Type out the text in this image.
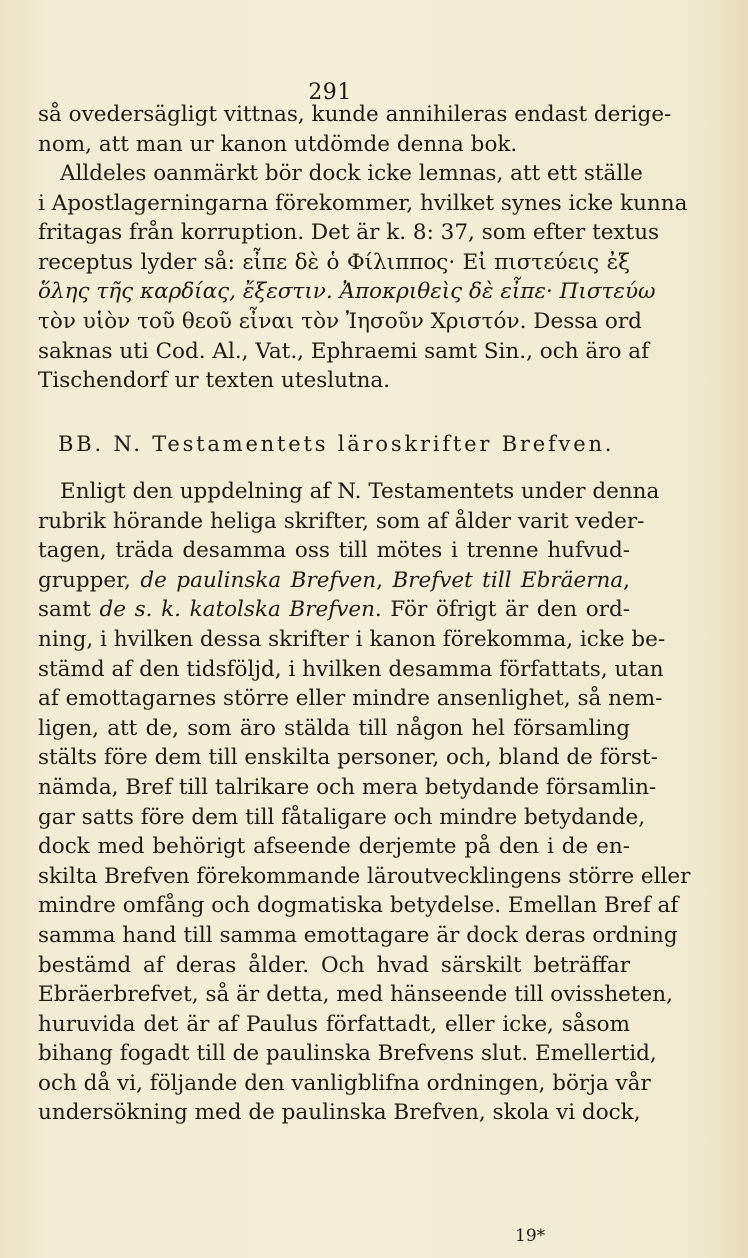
291
så ovedersägligt vittnas, kunde annihileras endast derige-
nom, att man ur kanon utdömde denna bok.
Alldeles oanmärkt bör dock icke lemnas, att ett ställe
i Apostlagerningarna förekommer, hvilket synes icke kunna
fritagas från korruption. Det är k. 8: 37, som efter textus
receptus lyder så: εἶπε δὲ ὁ Φίλιππος· Εἰ πιστεύεις ἐξ
ὅλης τῆς καρδίας, ἔξεστιν. Ἀποκριθεὶς δὲ εἶπε· Πιστεύω
τὸν υἱὸν τοῦ θεοῦ εἶναι τὸν Ἰησοῦν Χριστόν. Dessa ord
saknas uti Cod. Al., Vat., Ephraemi samt Sin., och äro af
Tischendorf ur texten uteslutna.
BB. N. Testamentets läroskrifter Brefven.
Enligt den uppdelning af N. Testamentets under denna
rubrik hörande heliga skrifter, som af ålder varit veder-
tagen, träda desamma oss till mötes i trenne hufvud-
grupper, de paulinska Brefven, Brefvet till Ebräerna,
samt de s. k. katolska Brefven. För öfrigt är den ord-
ning, i hvilken dessa skrifter i kanon förekomma, icke be-
stämd af den tidsföljd, i hvilken desamma författats, utan
af emottagarnes större eller mindre ansenlighet, så nem-
ligen, att de, som äro stälda till någon hel församling
stälts före dem till enskilta personer, och, bland de först-
nämda, Bref till talrikare och mera betydande församlin-
gar satts före dem till fåtaligare och mindre betydande,
dock med behörigt afseende derjemte på den i de en-
skilta Brefven förekommande läroutvecklingens större eller
mindre omfång och dogmatiska betydelse. Emellan Bref af
samma hand till samma emottagare är dock deras ordning
bestämd af deras ålder. Och hvad särskilt beträffar
Ebräerbrefvet, så är detta, med hänseende till ovissheten,
huruvida det är af Paulus författadt, eller icke, såsom
bihang fogadt till de paulinska Brefvens slut. Emellertid,
och då vi, följande den vanligblifna ordningen, börja vår
undersökning med de paulinska Brefven, skola vi dock,
19*
